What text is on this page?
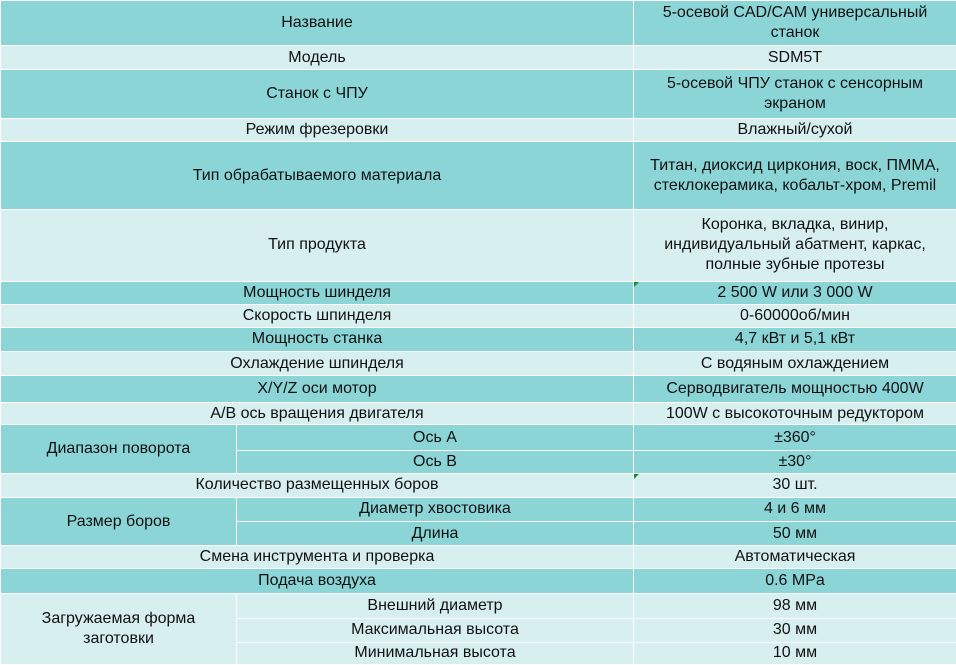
Название		5-осевой CAD/CAM универсальный станок
Модель		SDM5T
Станок с ЧПУ		5-осевой ЧПУ станок с сенсорным экраном
Режим фрезеровки		Влажный/сухой
Тип обрабатываемого материала		Титан, диоксид циркония, воск, ПММА, стеклокерамика, кобальт-хром, Premil
Тип продукта		Коронка, вкладка, винир, индивидуальный абатмент, каркас, полные зубные протезы
Мощность шинделя		2 500 W или 3 000 W
Скорость шпинделя		0-60000об/мин
Мощность станка		4,7 кВт и 5,1 кВт
Охлаждение шпинделя		С водяным охлаждением
X/Y/Z оси мотор		Серводвигатель мощностью 400W
A/B ось вращения двигателя		100W с высокоточным редуктором
Диапазон поворота	Ось A	±360°
	Ось B	±30°
Количество размещенных боров		30 шт.
Размер боров	Диаметр хвостовика	4 и 6 мм
	Длина	50 мм
Смена инструмента и проверка		Автоматическая
Подача воздуха		0.6 MPa
Загружаемая форма заготовки	Внешний диаметр	98 мм
	Максимальная высота	30 мм
	Минимальная высота	10 мм
